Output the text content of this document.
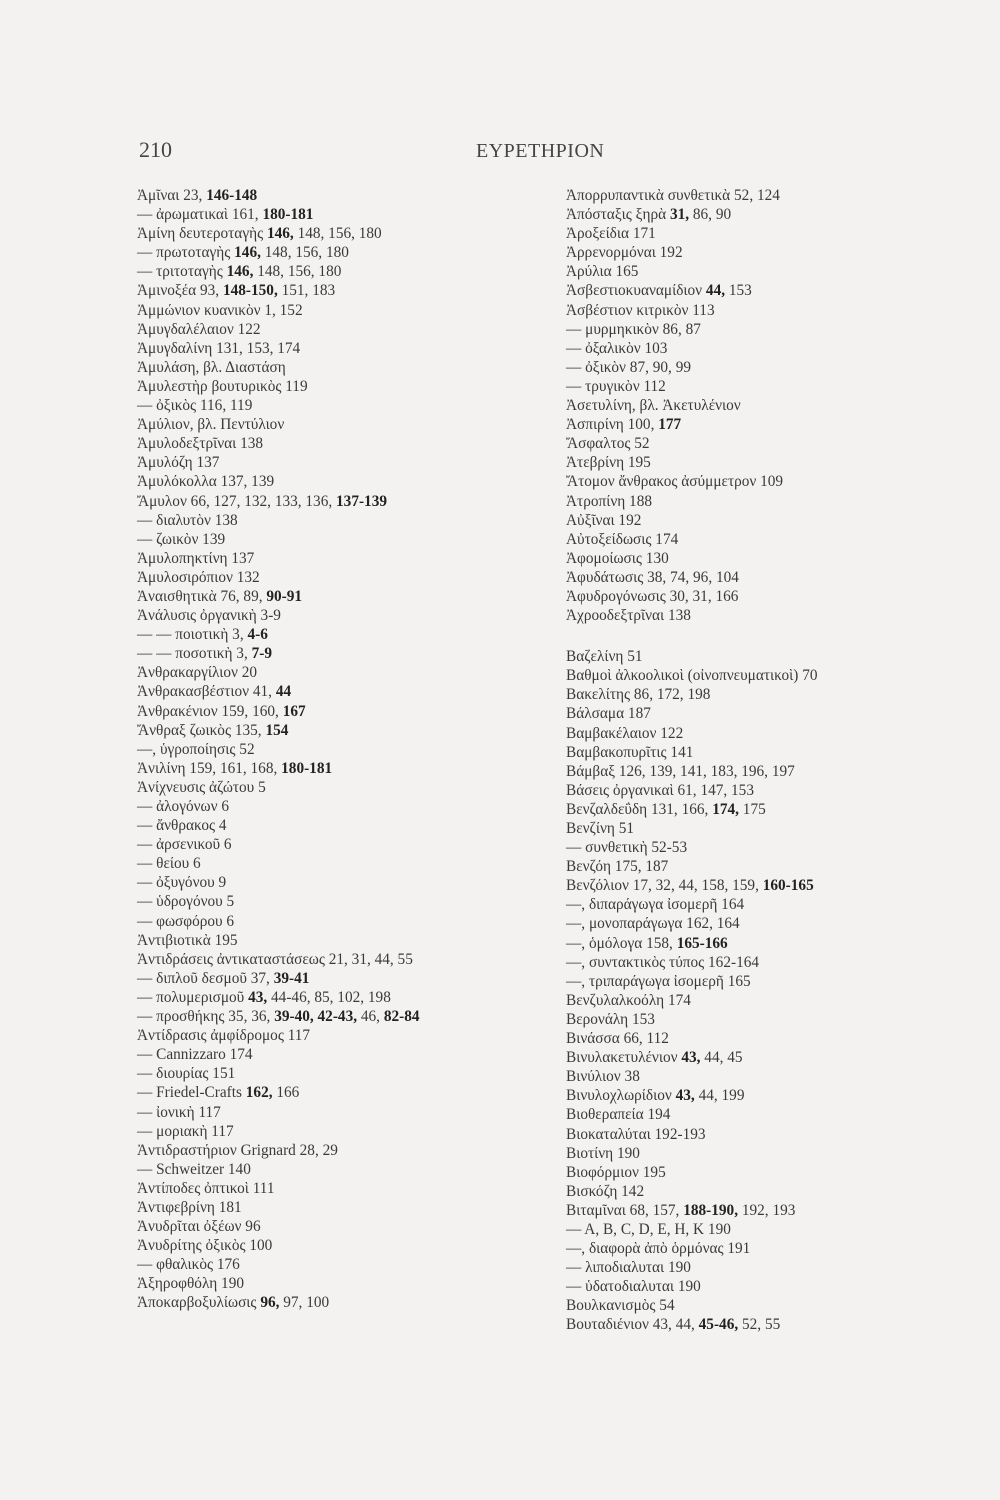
210	ΕΥΡΕΤΗΡΙΟΝ
Ἀμῖναι 23, 146-148
— ἀρωματικαὶ 161, 180-181
Ἀμίνη δευτεροταγὴς 146, 148, 156, 180
— πρωτοταγὴς 146, 148, 156, 180
— τριτοταγὴς 146, 148, 156, 180
Ἀμινοξέα 93, 148-150, 151, 183
Ἀμμώνιον κυανικὸν 1, 152
Ἀμυγδαλέλαιον 122
Ἀμυγδαλίνη 131, 153, 174
Ἀμυλάση, βλ. Διαστάση
Ἀμυλεστὴρ βουτυρικὸς 119
— ὀξικὸς 116, 119
Ἀμύλιον, βλ. Πεντύλιον
Ἀμυλοδεξτρῖναι 138
Ἀμυλόζη 137
Ἀμυλόκολλα 137, 139
Ἄμυλον 66, 127, 132, 133, 136, 137-139
— διαλυτὸν 138
— ζωικὸν 139
Ἀμυλοπηκτίνη 137
Ἀμυλοσιρόπιον 132
Ἀναισθητικὰ 76, 89, 90-91
Ἀνάλυσις ὀργανικὴ 3-9
— — ποιοτικὴ 3, 4-6
— — ποσοτικὴ 3, 7-9
Ἀνθρακαργίλιον 20
Ἀνθρακασβέστιον 41, 44
Ἀνθρακένιον 159, 160, 167
Ἄνθραξ ζωικὸς 135, 154
—, ὑγροποίησις 52
Ἀνιλίνη 159, 161, 168, 180-181
Ἀνίχνευσις ἀζώτου 5
— ἀλογόνων 6
— ἄνθρακος 4
— ἀρσενικοῦ 6
— θείου 6
— ὀξυγόνου 9
— ὑδρογόνου 5
— φωσφόρου 6
Ἀντιβιοτικὰ 195
Ἀντιδράσεις ἀντικαταστάσεως 21, 31, 44, 55
— διπλοῦ δεσμοῦ 37, 39-41
— πολυμερισμοῦ 43, 44-46, 85, 102, 198
— προσθήκης 35, 36, 39-40, 42-43, 46, 82-84
Ἀντίδρασις ἀμφίδρομος 117
— Cannizzaro 174
— διουρίας 151
— Friedel-Crafts 162, 166
— ἰονικὴ 117
— μοριακὴ 117
Ἀντιδραστήριον Grignard 28, 29
— Schweitzer 140
Ἀντίποδες ὀπτικοὶ 111
Ἀντιφεβρίνη 181
Ἀνυδρῖται ὀξέων 96
Ἀνυδρίτης ὀξικὸς 100
— φθαλικὸς 176
Ἀξηροφθόλη 190
Ἀποκαρβοξυλίωσις 96, 97, 100
Ἀπορρυπαντικὰ συνθετικὰ 52, 124
Ἀπόσταξις ξηρὰ 31, 86, 90
Ἀροξείδια 171
Ἀρρενορμόναι 192
Ἀρύλια 165
Ἀσβεστιοκυαναμίδιον 44, 153
Ἀσβέστιον κιτρικὸν 113
— μυρμηκικὸν 86, 87
— ὀξαλικὸν 103
— ὀξικὸν 87, 90, 99
— τρυγικὸν 112
Ἀσετυλίνη, βλ. Ἀκετυλένιον
Ἀσπιρίνη 100, 177
Ἄσφαλτος 52
Ἀτεβρίνη 195
Ἄτομον ἄνθρακος ἀσύμμετρον 109
Ἀτροπίνη 188
Αὐξῖναι 192
Αὐτοξείδωσις 174
Ἀφομοίωσις 130
Ἀφυδάτωσις 38, 74, 96, 104
Ἀφυδρογόνωσις 30, 31, 166
Ἀχροοδεξτρῖναι 138
Βαζελίνη 51
Βαθμοὶ ἀλκοολικοὶ (οἰνοπνευματικοὶ) 70
Βακελίτης 86, 172, 198
Βάλσαμα 187
Βαμβακέλαιον 122
Βαμβακοπυρῖτις 141
Βάμβαξ 126, 139, 141, 183, 196, 197
Βάσεις ὀργανικαὶ 61, 147, 153
Βενζαλδεΰδη 131, 166, 174, 175
Βενζίνη 51
— συνθετικὴ 52-53
Βενζόη 175, 187
Βενζόλιον 17, 32, 44, 158, 159, 160-165
—, διπαράγωγα ἰσομερῆ 164
—, μονοπαράγωγα 162, 164
—, ὁμόλογα 158, 165-166
—, συντακτικὸς τύπος 162-164
—, τριπαράγωγα ἰσομερῆ 165
Βενζυλαλκοόλη 174
Βερονάλη 153
Βινάσσα 66, 112
Βινυλακετυλένιον 43, 44, 45
Βινύλιον 38
Βινυλοχλωρίδιον 43, 44, 199
Βιοθεραπεία 194
Βιοκαταλύται 192-193
Βιοτίνη 190
Βιοφόρμιον 195
Βισκόζη 142
Βιταμῖναι 68, 157, 188-190, 192, 193
— A, B, C, D, E, H, K 190
—, διαφορὰ ἀπὸ ὁρμόνας 191
— λιποδιαλυται 190
— ὑδατοδιαλυται 190
Βουλκανισμὸς 54
Βουταδιένιον 43, 44, 45-46, 52, 55
